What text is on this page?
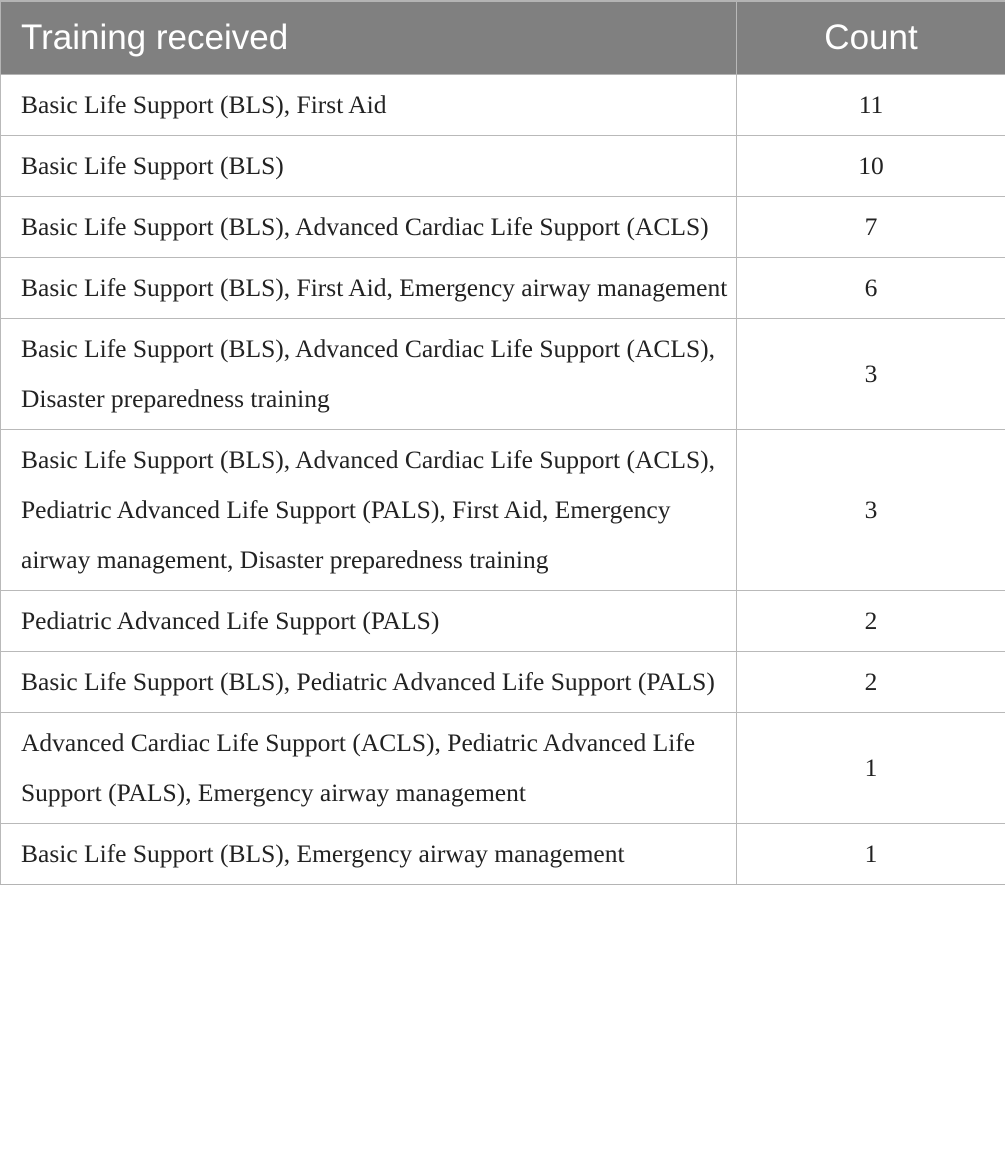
Training received	Count
Basic Life Support (BLS), First Aid	11
Basic Life Support (BLS)	10
Basic Life Support (BLS), Advanced Cardiac Life Support (ACLS)	7
Basic Life Support (BLS), First Aid, Emergency airway management	6
Basic Life Support (BLS), Advanced Cardiac Life Support (ACLS), Disaster preparedness training	3
Basic Life Support (BLS), Advanced Cardiac Life Support (ACLS), Pediatric Advanced Life Support (PALS), First Aid, Emergency airway management, Disaster preparedness training	3
Pediatric Advanced Life Support (PALS)	2
Basic Life Support (BLS), Pediatric Advanced Life Support (PALS)	2
Advanced Cardiac Life Support (ACLS), Pediatric Advanced Life Support (PALS), Emergency airway management	1
Basic Life Support (BLS), Emergency airway management	1
